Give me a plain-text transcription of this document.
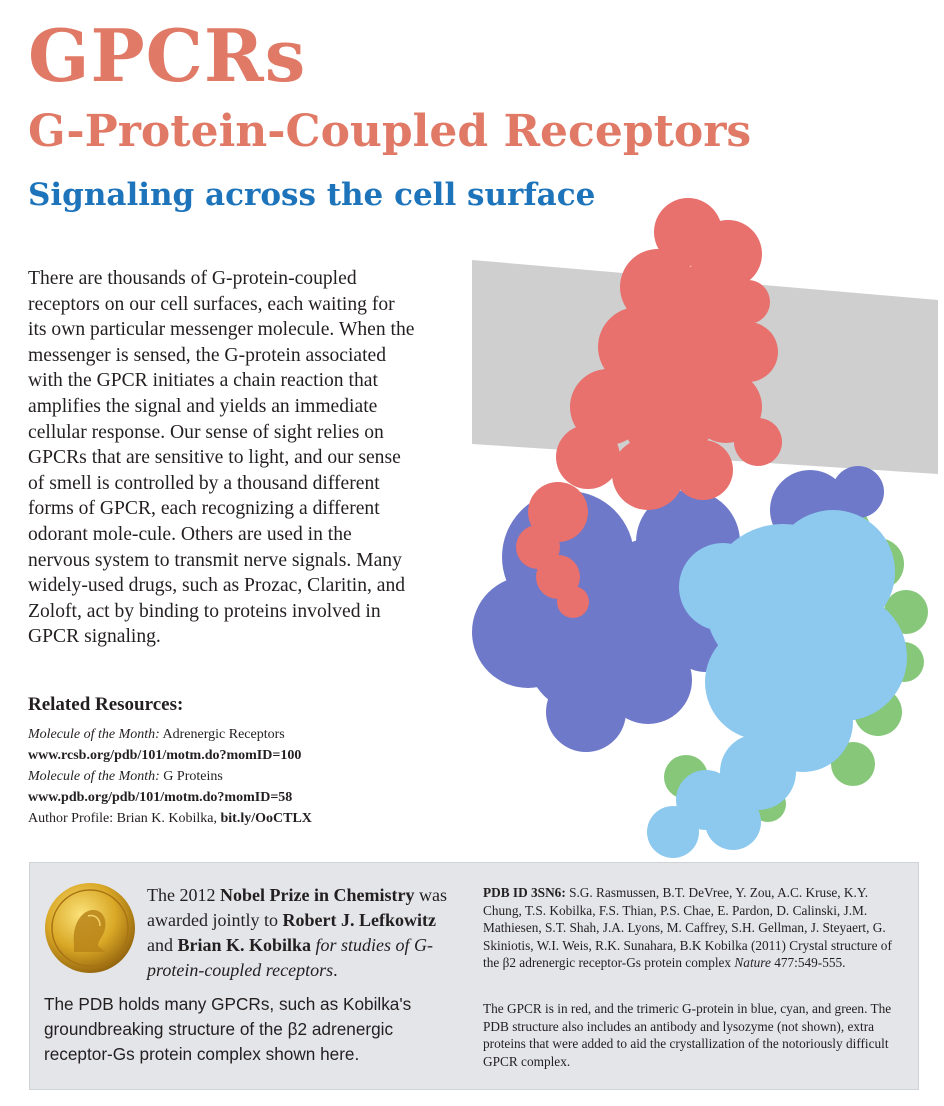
GPCRs
G-Protein-Coupled Receptors
Signaling across the cell surface

There are thousands of G-protein-coupled receptors on our cell surfaces, each waiting for its own particular messenger molecule. When the messenger is sensed, the G-protein associated with the GPCR initiates a chain reaction that amplifies the signal and yields an immediate cellular response. Our sense of sight relies on GPCRs that are sensitive to light, and our sense of smell is controlled by a thousand different forms of GPCR, each recognizing a different odorant mole-cule. Others are used in the nervous system to transmit nerve signals. Many widely-used drugs, such as Prozac, Claritin, and Zoloft, act by binding to proteins involved in GPCR signaling.

Related Resources:
Molecule of the Month: Adrenergic Receptors
www.rcsb.org/pdb/101/motm.do?momID=100
Molecule of the Month: G Proteins
www.pdb.org/pdb/101/motm.do?momID=58
Author Profile: Brian K. Kobilka, bit.ly/OoCTLX
The 2012 Nobel Prize in Chemistry was awarded jointly to Robert J. Lefkowitz and Brian K. Kobilka for studies of G-protein-coupled receptors.

The PDB holds many GPCRs, such as Kobilka's groundbreaking structure of the β2 adrenergic receptor-Gs protein complex shown here.

PDB ID 3SN6: S.G. Rasmussen, B.T. DeVree, Y. Zou, A.C. Kruse, K.Y. Chung, T.S. Kobilka, F.S. Thian, P.S. Chae, E. Pardon, D. Calinski, J.M. Mathiesen, S.T. Shah, J.A. Lyons, M. Caffrey, S.H. Gellman, J. Steyaert, G. Skiniotis, W.I. Weis, R.K. Sunahara, B.K Kobilka (2011) Crystal structure of the β2 adrenergic receptor-Gs protein complex Nature 477:549-555.

The GPCR is in red, and the trimeric G-protein in blue, cyan, and green. The PDB structure also includes an antibody and lysozyme (not shown), extra proteins that were added to aid the crystallization of the notoriously difficult GPCR complex.
